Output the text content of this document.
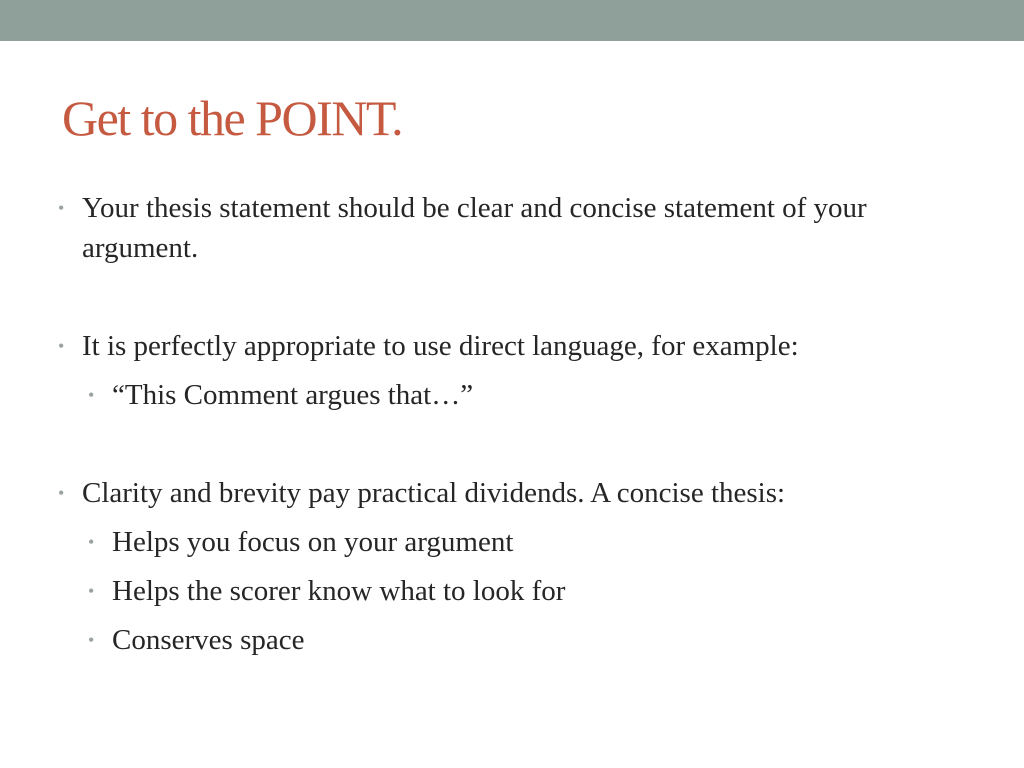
Get to the POINT.
• Your thesis statement should be clear and concise statement of your argument.
• It is perfectly appropriate to use direct language, for example:
• “This Comment argues that…”
• Clarity and brevity pay practical dividends. A concise thesis:
• Helps you focus on your argument
• Helps the scorer know what to look for
• Conserves space
